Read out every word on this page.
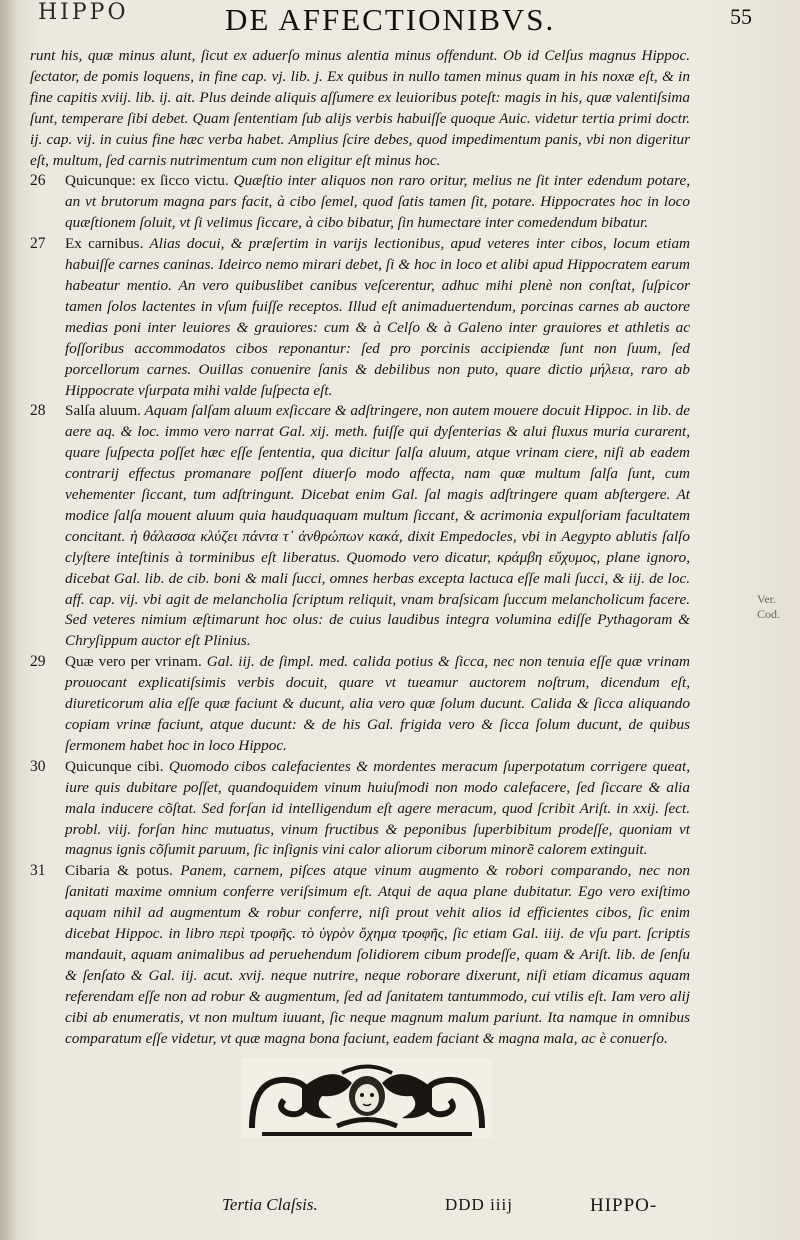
HIPPO	DE AFFECTIONIBVS.	55

runt his, quæ minus alunt, ſicut ex aduerſo minus alentia minus offendunt. Ob id Celſus magnus Hippoc. ſectator, de pomis loquens, in fine cap. vj. lib. j. Ex quibus in nullo tamen minus quam in his noxæ eſt, & in fine capitis xviij. lib. ij. ait. Plus deinde aliquis aſſumere ex leuioribus poteſt: magis in his, quæ valentiſsima ſunt, temperare ſibi debet. Quam ſententiam ſub alijs verbis habuiſſe quoque Auic. videtur tertia primi doctr. ij. cap. vij. in cuius fine hæc verba habet. Amplius ſcire debes, quod impedimentum panis, vbi non digeritur eſt, multum, ſed carnis nutrimentum cum non eligitur eſt minus hoc.

26 Quicunque: ex ſicco victu. Quæſtio inter aliquos non raro oritur, melius ne ſit inter edendum potare, an vt brutorum magna pars facit, à cibo ſemel, quod ſatis tamen ſit, potare. Hippocrates hoc in loco quæſtionem ſoluit, vt ſi velimus ſiccare, à cibo bibatur, ſin humectare inter comedendum bibatur.

27 Ex carnibus. Alias docui, & præſertim in varijs lectionibus, apud veteres inter cibos, locum etiam habuiſſe carnes caninas. Ideirco nemo mirari debet, ſi & hoc in loco et alibi apud Hippocratem earum habeatur mentio. An vero quibuslibet canibus veſcerentur, adhuc mihi plenè non conſtat, ſuſpicor tamen ſolos lactentes in vſum fuiſſe receptos. Illud eſt animaduertendum, porcinas carnes ab auctore medias poni inter leuiores & grauiores: cum & à Celſo & à Galeno inter grauiores et athletis ac foſſoribus accommodatos cibos reponantur: ſed pro porcinis accipiendæ ſunt non ſuum, ſed porcellorum carnes. Ouillas conuenire ſanis & debilibus non puto, quare dictio μήλεια, raro ab Hippocrate vſurpata mihi valde ſuſpecta eſt.

28 Salſa aluum. Aquam ſalſam aluum exſiccare & adſtringere, non autem mouere docuit Hippoc. in lib. de aere aq. & loc. immo vero narrat Gal. xij. meth. fuiſſe qui dyſenterias & alui fluxus muria curarent, quare ſuſpecta poſſet hæc eſſe ſententia, qua dicitur ſalſa aluum, atque vrinam ciere, niſi ab eadem contrarij effectus promanare poſſent diuerſo modo affecta, nam quæ multum ſalſa ſunt, cum vehementer ſiccant, tum adſtringunt. Dicebat enim Gal. ſal magis adſtringere quam abſtergere. At modice ſalſa mouent aluum quia haudquaquam multum ſiccant, & acrimonia expulſoriam facultatem concitant. ἡ θάλασσα κλύζει πάντα τ᾽ ἀνθρώπων κακά, dixit Empedocles, vbi in Aegypto ablutis ſalſo clyſtere inteſtinis à torminibus eſt liberatus. Quomodo vero dicatur, κράμβη εὔχυμος, plane ignoro, dicebat Gal. lib. de cib. boni & mali ſucci, omnes herbas excepta lactuca eſſe mali ſucci, & iij. de loc. aff. cap. vij. vbi agit de melancholia ſcriptum reliquit, vnam braſsicam ſuccum melancholicum facere. Sed veteres nimium æſtimarunt hoc olus: de cuius laudibus integra volumina ediſſe Pythagoram & Chryſippum auctor eſt Plinius.

29 Quæ vero per vrinam. Gal. iij. de ſimpl. med. calida potius & ſicca, nec non tenuia eſſe quæ vrinam prouocant explicatiſsimis verbis docuit, quare vt tueamur auctorem noſtrum, dicendum eſt, diureticorum alia eſſe quæ faciunt & ducunt, alia vero quæ ſolum ducunt. Calida & ſicca aliquando copiam vrinæ faciunt, atque ducunt: & de his Gal. frigida vero & ſicca ſolum ducunt, de quibus ſermonem habet hoc in loco Hippoc.

30 Quicunque cibi. Quomodo cibos calefacientes & mordentes meracum ſuperpotatum corrigere queat, iure quis dubitare poſſet, quandoquidem vinum huiuſmodi non modo calefacere, ſed ſiccare & alia mala inducere cõſtat. Sed forſan id intelligendum eſt agere meracum, quod ſcribit Ariſt. in xxij. ſect. probl. viij. forſan hinc mutuatus, vinum fructibus & peponibus ſuperbibitum prodeſſe, quoniam vt magnus ignis cõſumit paruum, ſic inſignis vini calor aliorum ciborum minorẽ calorem extinguit.

31 Cibaria & potus. Panem, carnem, piſces atque vinum augmento & robori comparando, nec non ſanitati maxime omnium conferre veriſsimum eſt. Atqui de aqua plane dubitatur. Ego vero exiſtimo aquam nihil ad augmentum & robur conferre, niſi prout vehit alios id efficientes cibos, ſic enim dicebat Hippoc. in libro περὶ τροφῆς. τὸ ὑγρὸν ὄχημα τροφῆς, ſic etiam Gal. iiij. de vſu part. ſcriptis mandauit, aquam animalibus ad peruehendum ſolidiorem cibum prodeſſe, quam & Ariſt. lib. de ſenſu & ſenſato & Gal. iij. acut. xvij. neque nutrire, neque roborare dixerunt, niſi etiam dicamus aquam referendam eſſe non ad robur & augmentum, ſed ad ſanitatem tantummodo, cui vtilis eſt. Iam vero alij cibi ab enumeratis, vt non multum iuuant, ſic neque magnum malum pariunt. Ita namque in omnibus comparatum eſſe videtur, vt quæ magna bona faciunt, eadem faciant & magna mala, ac è conuerſo.

Ver. Cod.
Tertia Claſsis.	DDD iiij	HIPPO-
